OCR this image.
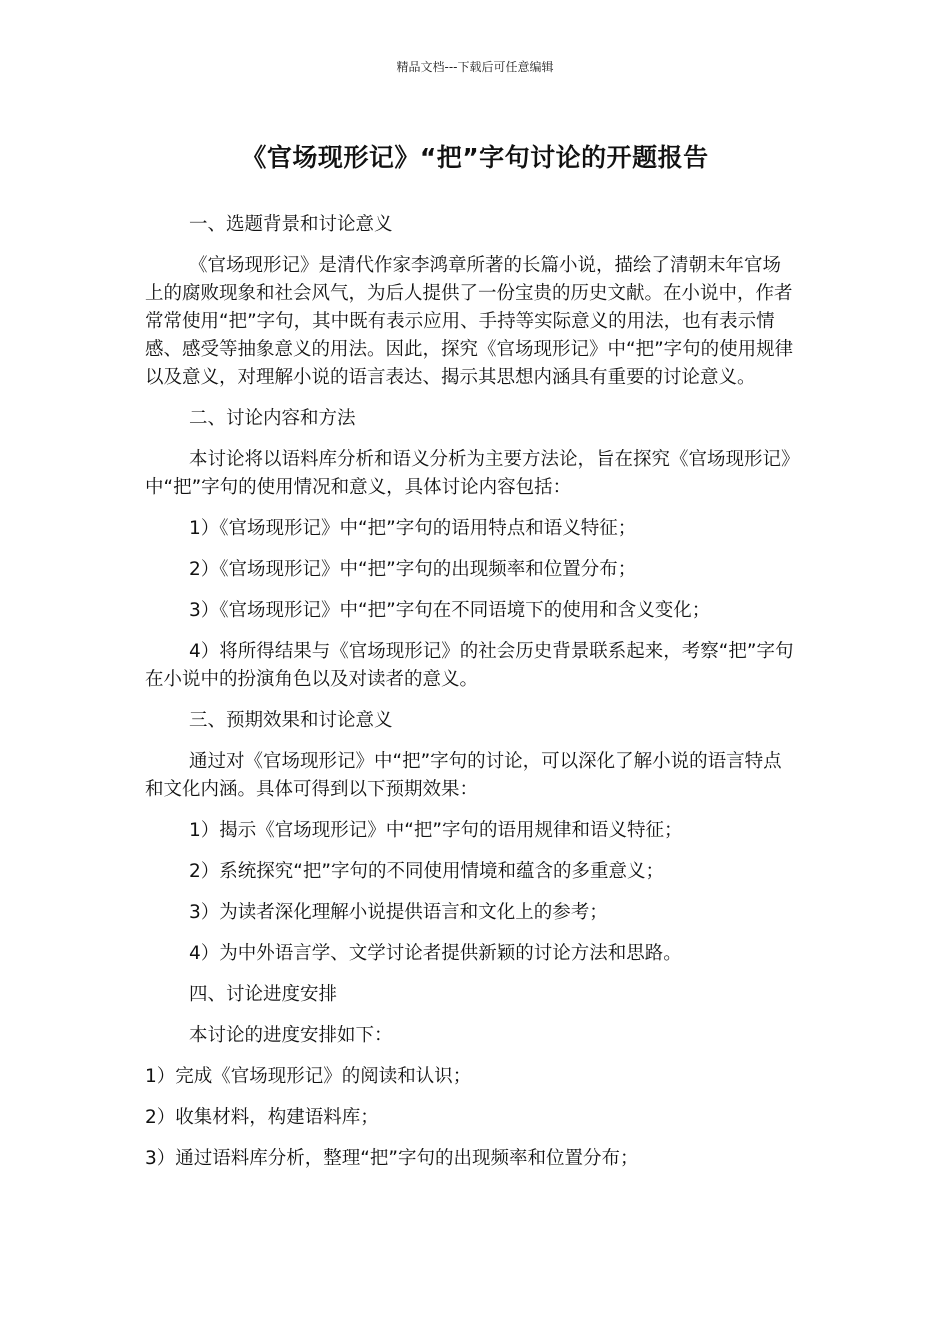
精品文档---下载后可任意编辑
《官场现形记》“把”字句讨论的开题报告

一、选题背景和讨论意义

《官场现形记》是清代作家李鸿章所著的长篇小说，描绘了清朝末年官场上的腐败现象和社会风气，为后人提供了一份宝贵的历史文献。在小说中，作者常常使用“把”字句，其中既有表示应用、手持等实际意义的用法，也有表示情感、感受等抽象意义的用法。因此，探究《官场现形记》中“把”字句的使用规律以及意义，对理解小说的语言表达、揭示其思想内涵具有重要的讨论意义。

二、讨论内容和方法

本讨论将以语料库分析和语义分析为主要方法论，旨在探究《官场现形记》中“把”字句的使用情况和意义，具体讨论内容包括：

1）《官场现形记》中“把”字句的语用特点和语义特征；

2）《官场现形记》中“把”字句的出现频率和位置分布；

3）《官场现形记》中“把”字句在不同语境下的使用和含义变化；

4）将所得结果与《官场现形记》的社会历史背景联系起来，考察“把”字句在小说中的扮演角色以及对读者的意义。

三、预期效果和讨论意义

通过对《官场现形记》中“把”字句的讨论，可以深化了解小说的语言特点和文化内涵。具体可得到以下预期效果：

1）揭示《官场现形记》中“把”字句的语用规律和语义特征；

2）系统探究“把”字句的不同使用情境和蕴含的多重意义；

3）为读者深化理解小说提供语言和文化上的参考；

4）为中外语言学、文学讨论者提供新颖的讨论方法和思路。

四、讨论进度安排

本讨论的进度安排如下：

1）完成《官场现形记》的阅读和认识；

2）收集材料，构建语料库；

3）通过语料库分析，整理“把”字句的出现频率和位置分布；
